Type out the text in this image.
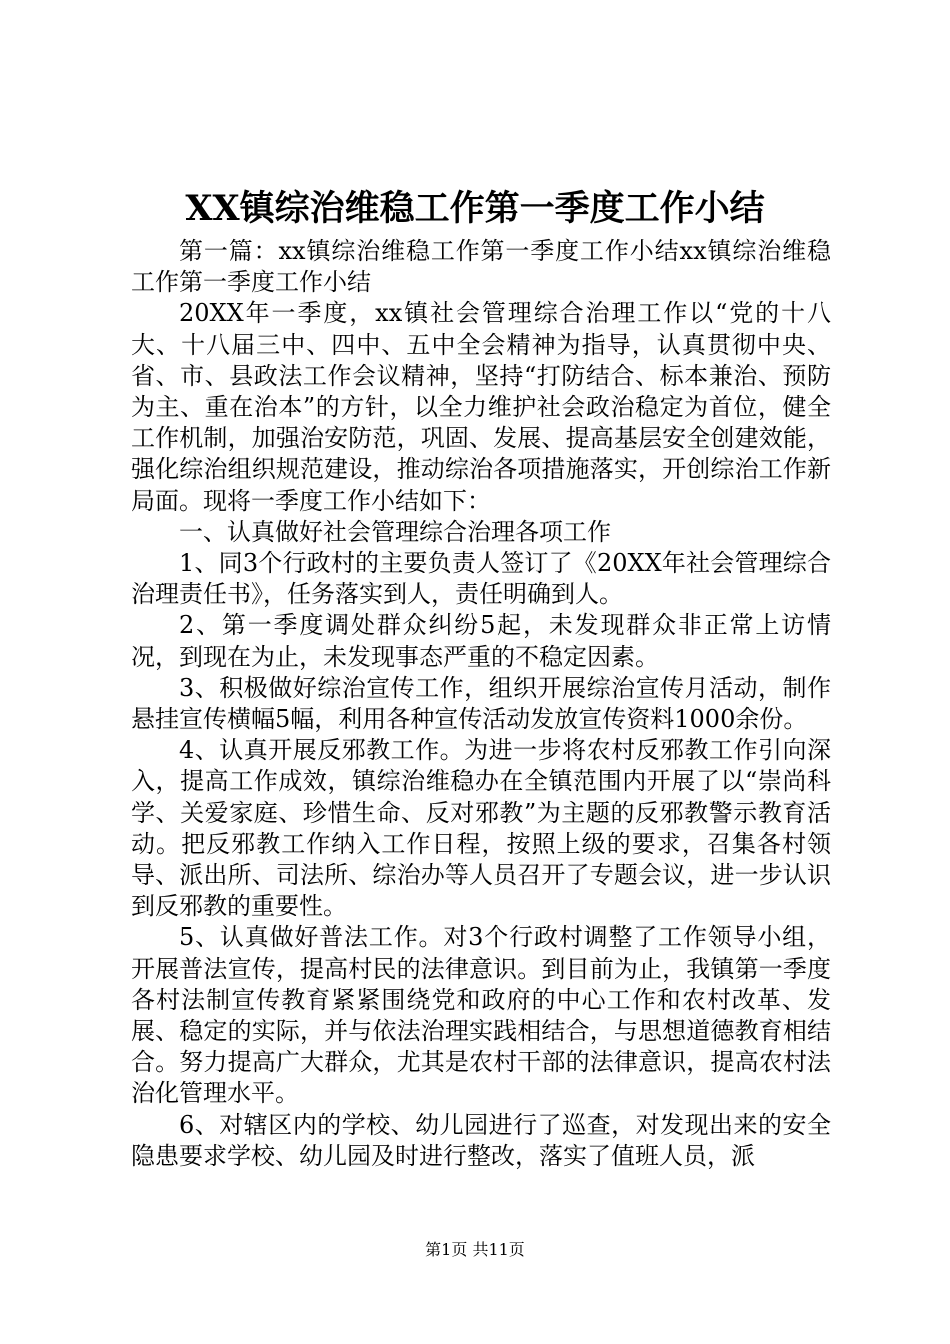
XX镇综治维稳工作第一季度工作小结

第一篇：xx镇综治维稳工作第一季度工作小结xx镇综治维稳工作第一季度工作小结

20XX年一季度，xx镇社会管理综合治理工作以“党的十八大、十八届三中、四中、五中全会精神为指导，认真贯彻中央、省、市、县政法工作会议精神，坚持“打防结合、标本兼治、预防为主、重在治本”的方针，以全力维护社会政治稳定为首位，健全工作机制，加强治安防范，巩固、发展、提高基层安全创建效能，强化综治组织规范建设，推动综治各项措施落实，开创综治工作新局面。现将一季度工作小结如下：

一、认真做好社会管理综合治理各项工作

1、同3个行政村的主要负责人签订了《20XX年社会管理综合治理责任书》，任务落实到人，责任明确到人。

2、第一季度调处群众纠纷5起，未发现群众非正常上访情况，到现在为止，未发现事态严重的不稳定因素。

3、积极做好综治宣传工作，组织开展综治宣传月活动，制作悬挂宣传横幅5幅，利用各种宣传活动发放宣传资料1000余份。

4、认真开展反邪教工作。为进一步将农村反邪教工作引向深入，提高工作成效，镇综治维稳办在全镇范围内开展了以“崇尚科学、关爱家庭、珍惜生命、反对邪教”为主题的反邪教警示教育活动。把反邪教工作纳入工作日程，按照上级的要求，召集各村领导、派出所、司法所、综治办等人员召开了专题会议，进一步认识到反邪教的重要性。

5、认真做好普法工作。对3个行政村调整了工作领导小组，开展普法宣传，提高村民的法律意识。到目前为止，我镇第一季度各村法制宣传教育紧紧围绕党和政府的中心工作和农村改革、发展、稳定的实际，并与依法治理实践相结合，与思想道德教育相结合。努力提高广大群众，尤其是农村干部的法律意识，提高农村法治化管理水平。

6、对辖区内的学校、幼儿园进行了巡查，对发现出来的安全隐患要求学校、幼儿园及时进行整改，落实了值班人员，派

第1页 共11页
